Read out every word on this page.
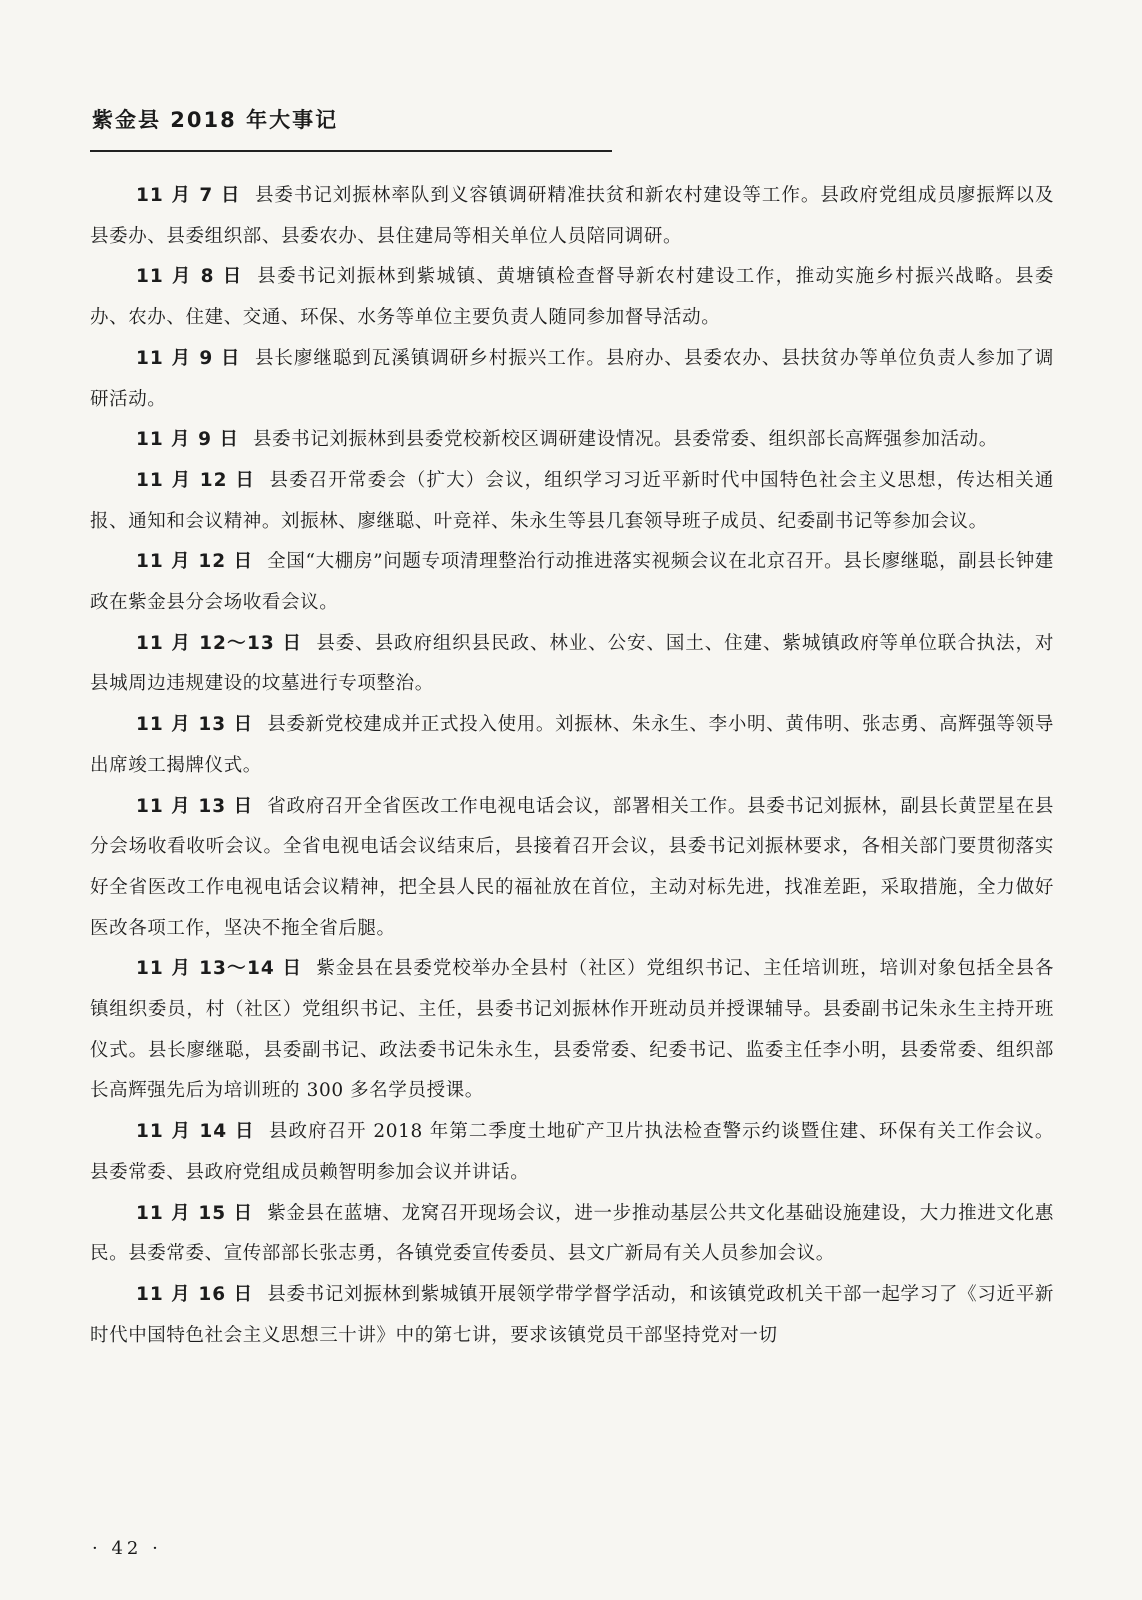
紫金县 2018 年大事记

11 月 7 日 县委书记刘振林率队到义容镇调研精准扶贫和新农村建设等工作。县政府党组成员廖振辉以及县委办、县委组织部、县委农办、县住建局等相关单位人员陪同调研。

11 月 8 日 县委书记刘振林到紫城镇、黄塘镇检查督导新农村建设工作，推动实施乡村振兴战略。县委办、农办、住建、交通、环保、水务等单位主要负责人随同参加督导活动。

11 月 9 日 县长廖继聪到瓦溪镇调研乡村振兴工作。县府办、县委农办、县扶贫办等单位负责人参加了调研活动。

11 月 9 日 县委书记刘振林到县委党校新校区调研建设情况。县委常委、组织部长高辉强参加活动。

11 月 12 日 县委召开常委会（扩大）会议，组织学习习近平新时代中国特色社会主义思想，传达相关通报、通知和会议精神。刘振林、廖继聪、叶竞祥、朱永生等县几套领导班子成员、纪委副书记等参加会议。

11 月 12 日 全国“大棚房”问题专项清理整治行动推进落实视频会议在北京召开。县长廖继聪，副县长钟建政在紫金县分会场收看会议。

11 月 12～13 日 县委、县政府组织县民政、林业、公安、国土、住建、紫城镇政府等单位联合执法，对县城周边违规建设的坟墓进行专项整治。

11 月 13 日 县委新党校建成并正式投入使用。刘振林、朱永生、李小明、黄伟明、张志勇、高辉强等领导出席竣工揭牌仪式。

11 月 13 日 省政府召开全省医改工作电视电话会议，部署相关工作。县委书记刘振林，副县长黄罡星在县分会场收看收听会议。全省电视电话会议结束后，县接着召开会议，县委书记刘振林要求，各相关部门要贯彻落实好全省医改工作电视电话会议精神，把全县人民的福祉放在首位，主动对标先进，找准差距，采取措施，全力做好医改各项工作，坚决不拖全省后腿。

11 月 13～14 日 紫金县在县委党校举办全县村（社区）党组织书记、主任培训班，培训对象包括全县各镇组织委员，村（社区）党组织书记、主任，县委书记刘振林作开班动员并授课辅导。县委副书记朱永生主持开班仪式。县长廖继聪，县委副书记、政法委书记朱永生，县委常委、纪委书记、监委主任李小明，县委常委、组织部长高辉强先后为培训班的 300 多名学员授课。

11 月 14 日 县政府召开 2018 年第二季度土地矿产卫片执法检查警示约谈暨住建、环保有关工作会议。县委常委、县政府党组成员赖智明参加会议并讲话。

11 月 15 日 紫金县在蓝塘、龙窝召开现场会议，进一步推动基层公共文化基础设施建设，大力推进文化惠民。县委常委、宣传部部长张志勇，各镇党委宣传委员、县文广新局有关人员参加会议。

11 月 16 日 县委书记刘振林到紫城镇开展领学带学督学活动，和该镇党政机关干部一起学习了《习近平新时代中国特色社会主义思想三十讲》中的第七讲，要求该镇党员干部坚持党对一切

· 42 ·
